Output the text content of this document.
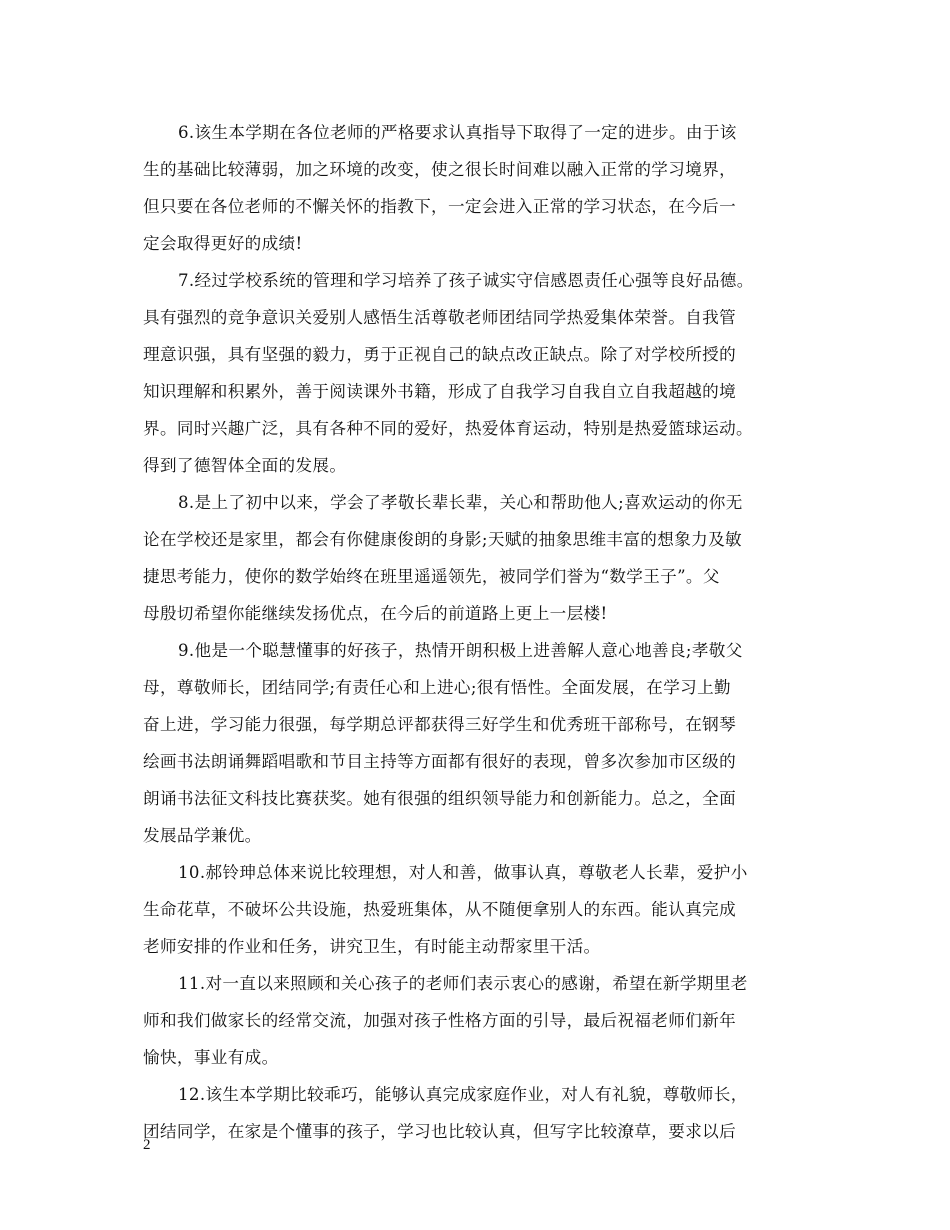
6.该生本学期在各位老师的严格要求认真指导下取得了一定的进步。由于该
生的基础比较薄弱，加之环境的改变，使之很长时间难以融入正常的学习境界，
但只要在各位老师的不懈关怀的指教下，一定会进入正常的学习状态，在今后一
定会取得更好的成绩!
7.经过学校系统的管理和学习培养了孩子诚实守信感恩责任心强等良好品德。
具有强烈的竞争意识关爱别人感悟生活尊敬老师团结同学热爱集体荣誉。自我管
理意识强，具有坚强的毅力，勇于正视自己的缺点改正缺点。除了对学校所授的
知识理解和积累外，善于阅读课外书籍，形成了自我学习自我自立自我超越的境
界。同时兴趣广泛，具有各种不同的爱好，热爱体育运动，特别是热爱篮球运动。
得到了德智体全面的发展。
8.是上了初中以来，学会了孝敬长辈长辈，关心和帮助他人;喜欢运动的你无
论在学校还是家里，都会有你健康俊朗的身影;天赋的抽象思维丰富的想象力及敏
捷思考能力，使你的数学始终在班里遥遥领先，被同学们誉为“数学王子”。父
母殷切希望你能继续发扬优点，在今后的前道路上更上一层楼!
9.他是一个聪慧懂事的好孩子，热情开朗积极上进善解人意心地善良;孝敬父
母，尊敬师长，团结同学;有责任心和上进心;很有悟性。全面发展，在学习上勤
奋上进，学习能力很强，每学期总评都获得三好学生和优秀班干部称号，在钢琴
绘画书法朗诵舞蹈唱歌和节目主持等方面都有很好的表现，曾多次参加市区级的
朗诵书法征文科技比赛获奖。她有很强的组织领导能力和创新能力。总之，全面
发展品学兼优。
10.郝铃珅总体来说比较理想，对人和善，做事认真，尊敬老人长辈，爱护小
生命花草，不破坏公共设施，热爱班集体，从不随便拿别人的东西。能认真完成
老师安排的作业和任务，讲究卫生，有时能主动帮家里干活。
11.对一直以来照顾和关心孩子的老师们表示衷心的感谢，希望在新学期里老
师和我们做家长的经常交流，加强对孩子性格方面的引导，最后祝福老师们新年
愉快，事业有成。
12.该生本学期比较乖巧，能够认真完成家庭作业，对人有礼貌，尊敬师长，
团结同学，在家是个懂事的孩子，学习也比较认真，但写字比较潦草，要求以后
2
